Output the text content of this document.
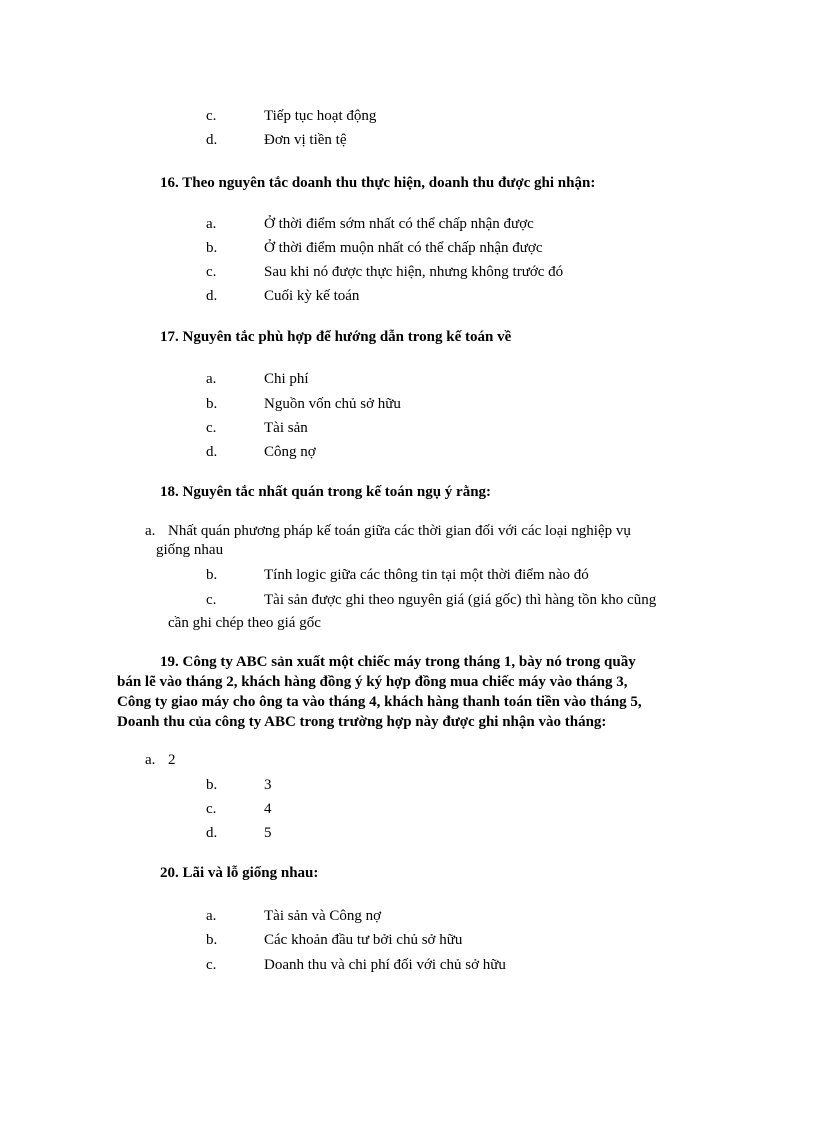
c.	Tiếp tục hoạt động
d.	Đơn vị tiền tệ
16. Theo nguyên tắc doanh thu thực hiện, doanh thu được ghi nhận:
a.	Ở thời điểm sớm nhất có thể chấp nhận được
b.	Ở thời điểm muộn nhất có thể chấp nhận được
c.	Sau khi nó được thực hiện, nhưng không trước đó
d.	Cuối kỳ kế toán
17. Nguyên tắc phù hợp để hướng dẫn trong kế toán về
a.	Chi phí
b.	Nguồn vốn chủ sở hữu
c.	Tài sản
d.	Công nợ
18. Nguyên tắc nhất quán trong kế toán ngụ ý rằng:
a. Nhất quán phương pháp kế toán giữa các thời gian đối với các loại nghiệp vụ
giống nhau
b.	Tính logic giữa các thông tin tại một thời điểm nào đó
c.	Tài sản được ghi theo nguyên giá (giá gốc) thì hàng tồn kho cũng
cần ghi chép theo giá gốc
19. Công ty ABC sản xuất một chiếc máy trong tháng 1, bày nó trong quầy
bán lẽ vào tháng 2, khách hàng đồng ý ký hợp đồng mua chiếc máy vào tháng 3,
Công ty giao máy cho ông ta vào tháng 4, khách hàng thanh toán tiền vào tháng 5,
Doanh thu của công ty ABC trong trường hợp này được ghi nhận vào tháng:
a. 2
b.	3
c.	4
d.	5
20. Lãi và lỗ giống nhau:
a.	Tài sản và Công nợ
b.	Các khoản đầu tư bởi chủ sở hữu
c.	Doanh thu và chi phí đối với chủ sở hữu
